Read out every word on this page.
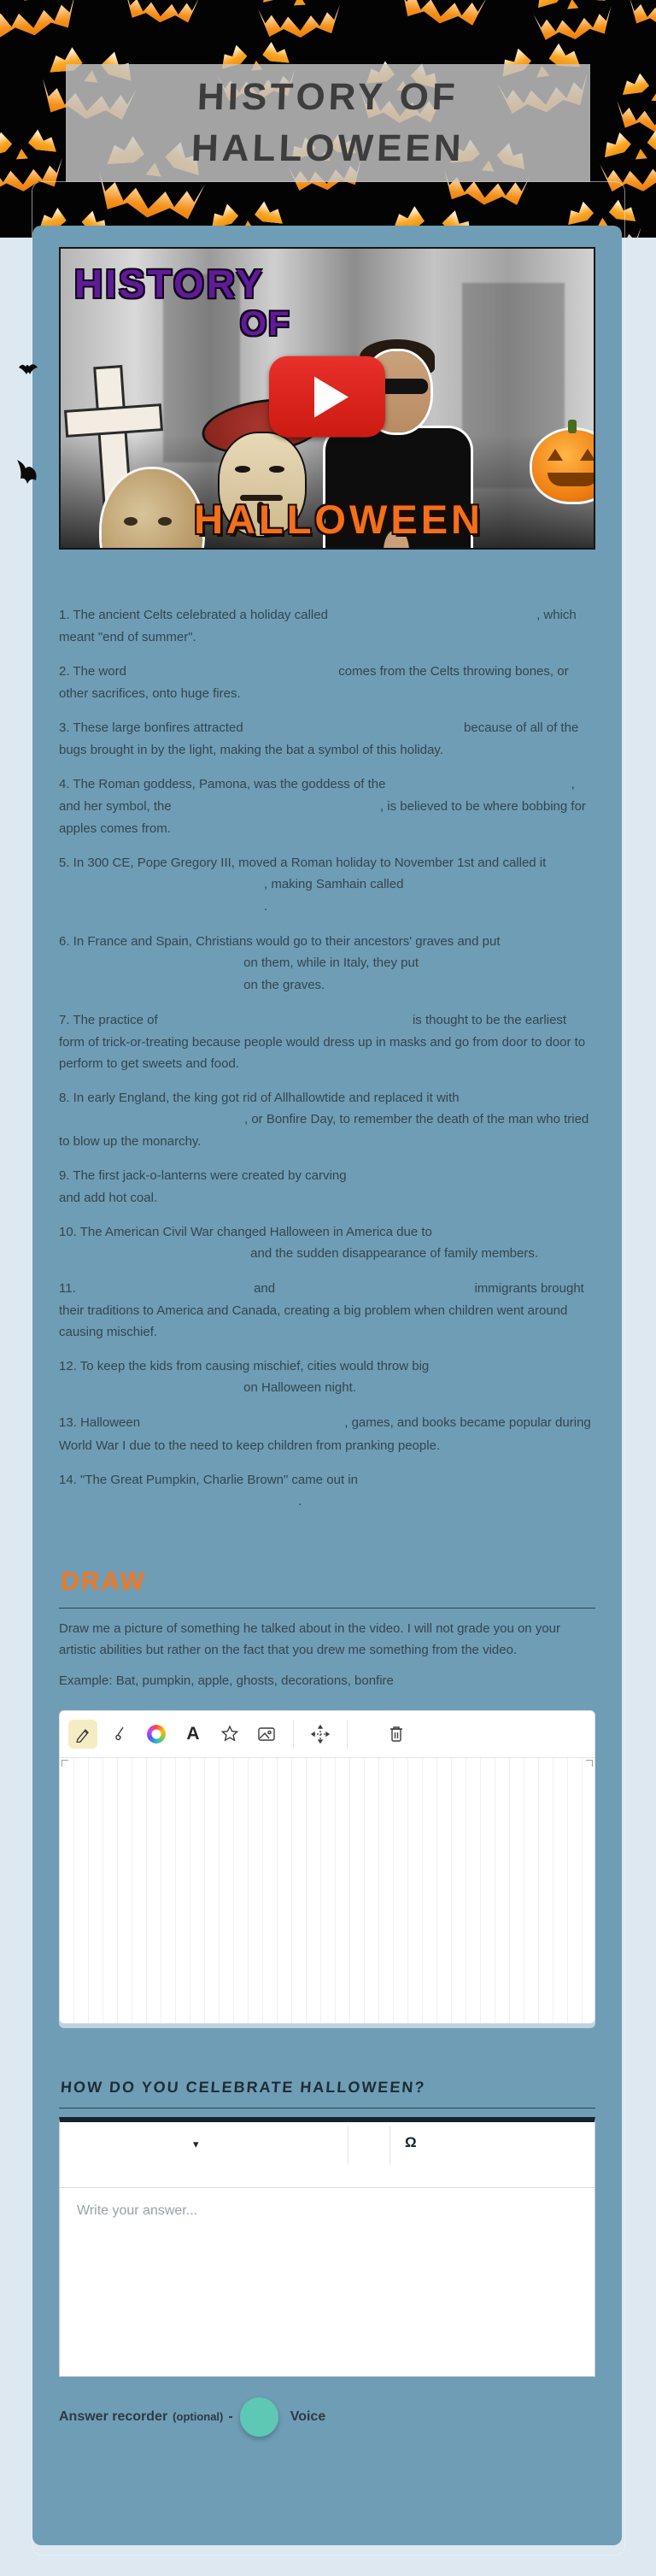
HISTORY OF
HALLOWEEN
HISTORY
OF
HALLOWEEN

1. The ancient Celts celebrated a holiday called	, which meant "end of summer".

2. The word	comes from the Celts throwing bones, or other sacrifices, onto huge fires.

3. These large bonfires attracted	because of all of the bugs brought in by the light, making the bat a symbol of this holiday.

4. The Roman goddess, Pamona, was the goddess of the	, and her symbol, the	, is believed to be where bobbing for apples comes from.

5. In 300 CE, Pope Gregory III, moved a Roman holiday to November 1st and called it , making Samhain called .

6. In France and Spain, Christians would go to their ancestors' graves and put  on them, while in Italy, they put  on the graves.

7. The practice of	is thought to be the earliest form of trick-or-treating because people would dress up in masks and go from door to door to perform to get sweets and food.

8. In early England, the king got rid of Allhallowtide and replaced it with , or Bonfire Day, to remember the death of the man who tried to blow up the monarchy.

9. The first jack-o-lanterns were created by carving  and add hot coal.

10. The American Civil War changed Halloween in America due to  and the sudden disappearance of family members.

11.	and	immigrants brought their traditions to America and Canada, creating a big problem when children went around causing mischief.

12. To keep the kids from causing mischief, cities would throw big  on Halloween night.

13. Halloween	, games, and books became popular during World War I due to the need to keep children from pranking people.

14. "The Great Pumpkin, Charlie Brown" came out in .

DRAW

Draw me a picture of something he talked about in the video. I will not grade you on your artistic abilities but rather on the fact that you drew me something from the video.

Example: Bat, pumpkin, apple, ghosts, decorations, bonfire

A
HOW DO YOU CELEBRATE HALLOWEEN?
▾	Ω
Write your answer...
Answer recorder (optional) -	Voice
